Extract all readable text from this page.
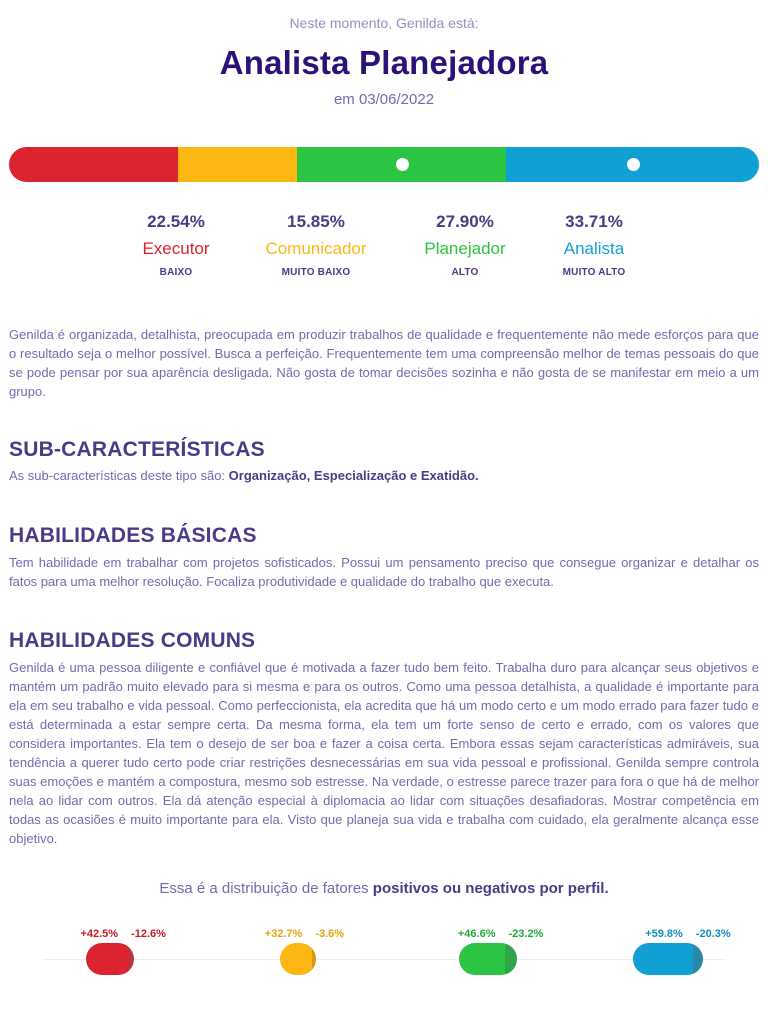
Neste momento, Genilda está:
Analista Planejadora
em 03/06/2022
22.54%
Executor
BAIXO
15.85%
Comunicador
MUITO BAIXO
27.90%
Planejador
ALTO
33.71%
Analista
MUITO ALTO

Genilda é organizada, detalhista, preocupada em produzir trabalhos de qualidade e frequentemente não mede esforços para que o resultado seja o melhor possível. Busca a perfeição. Frequentemente tem uma compreensão melhor de temas pessoais do que se pode pensar por sua aparência desligada. Não gosta de tomar decisões sozinha e não gosta de se manifestar em meio a um grupo.

SUB-CARACTERÍSTICAS
As sub-características deste tipo são: Organização, Especialização e Exatidão.
HABILIDADES BÁSICAS

Tem habilidade em trabalhar com projetos sofisticados. Possui um pensamento preciso que consegue organizar e detalhar os fatos para uma melhor resolução. Focaliza produtividade e qualidade do trabalho que executa.

HABILIDADES COMUNS

Genilda é uma pessoa diligente e confiável que é motivada a fazer tudo bem feito. Trabalha duro para alcançar seus objetivos e mantém um padrão muito elevado para si mesma e para os outros. Como uma pessoa detalhista, a qualidade é importante para ela em seu trabalho e vida pessoal. Como perfeccionista, ela acredita que há um modo certo e um modo errado para fazer tudo e está determinada a estar sempre certa. Da mesma forma, ela tem um forte senso de certo e errado, com os valores que considera importantes. Ela tem o desejo de ser boa e fazer a coisa certa. Embora essas sejam características admiráveis, sua tendência a querer tudo certo pode criar restrições desnecessárias em sua vida pessoal e profissional. Genilda sempre controla suas emoções e mantém a compostura, mesmo sob estresse. Na verdade, o estresse parece trazer para fora o que há de melhor nela ao lidar com outros. Ela dá atenção especial à diplomacia ao lidar com situações desafiadoras. Mostrar competência em todas as ocasiões é muito importante para ela. Visto que planeja sua vida e trabalha com cuidado, ela geralmente alcança esse objetivo.

Essa é a distribuição de fatores positivos ou negativos por perfil.
+42.5% -12.6%	+32.7% -3.6%	+46.6% -23.2%	+59.8% -20.3%
